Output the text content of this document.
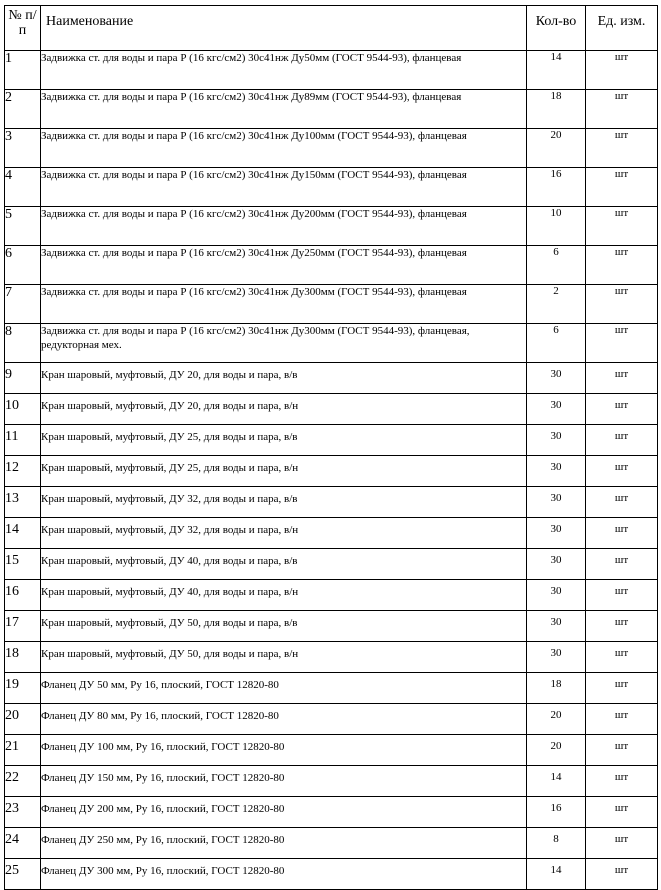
№ п/п	Наименование	Кол-во	Ед. изм.
1	Задвижка ст. для воды и пара Р (16 кгс/см2) 30с41нж Ду50мм (ГОСТ 9544-93), фланцевая	14	шт
2	Задвижка ст. для воды и пара Р (16 кгс/см2) 30с41нж Ду89мм (ГОСТ 9544-93), фланцевая	18	шт
3	Задвижка ст. для воды и пара Р (16 кгс/см2) 30с41нж Ду100мм (ГОСТ 9544-93), фланцевая	20	шт
4	Задвижка ст. для воды и пара Р (16 кгс/см2) 30с41нж Ду150мм (ГОСТ 9544-93), фланцевая	16	шт
5	Задвижка ст. для воды и пара Р (16 кгс/см2) 30с41нж Ду200мм (ГОСТ 9544-93), фланцевая	10	шт
6	Задвижка ст. для воды и пара Р (16 кгс/см2) 30с41нж Ду250мм (ГОСТ 9544-93), фланцевая	6	шт
7	Задвижка ст. для воды и пара Р (16 кгс/см2) 30с41нж Ду300мм (ГОСТ 9544-93), фланцевая	2	шт
8	Задвижка ст. для воды и пара Р (16 кгс/см2) 30с41нж Ду300мм (ГОСТ 9544-93), фланцевая, редукторная мех.	6	шт
9	Кран шаровый, муфтовый, ДУ 20, для воды и пара, в/в	30	шт
10	Кран шаровый, муфтовый, ДУ 20, для воды и пара, в/н	30	шт
11	Кран шаровый, муфтовый, ДУ 25, для воды и пара, в/в	30	шт
12	Кран шаровый, муфтовый, ДУ 25, для воды и пара, в/н	30	шт
13	Кран шаровый, муфтовый, ДУ 32, для воды и пара, в/в	30	шт
14	Кран шаровый, муфтовый, ДУ 32, для воды и пара, в/н	30	шт
15	Кран шаровый, муфтовый, ДУ 40, для воды и пара, в/в	30	шт
16	Кран шаровый, муфтовый, ДУ 40, для воды и пара, в/н	30	шт
17	Кран шаровый, муфтовый, ДУ 50, для воды и пара, в/в	30	шт
18	Кран шаровый, муфтовый, ДУ 50, для воды и пара, в/н	30	шт
19	Фланец ДУ 50 мм, Ру 16, плоский, ГОСТ 12820-80	18	шт
20	Фланец ДУ 80 мм, Ру 16, плоский, ГОСТ 12820-80	20	шт
21	Фланец ДУ 100 мм, Ру 16, плоский, ГОСТ 12820-80	20	шт
22	Фланец ДУ 150 мм, Ру 16, плоский, ГОСТ 12820-80	14	шт
23	Фланец ДУ 200 мм, Ру 16, плоский, ГОСТ 12820-80	16	шт
24	Фланец ДУ 250 мм, Ру 16, плоский, ГОСТ 12820-80	8	шт
25	Фланец ДУ 300 мм, Ру 16, плоский, ГОСТ 12820-80	14	шт
